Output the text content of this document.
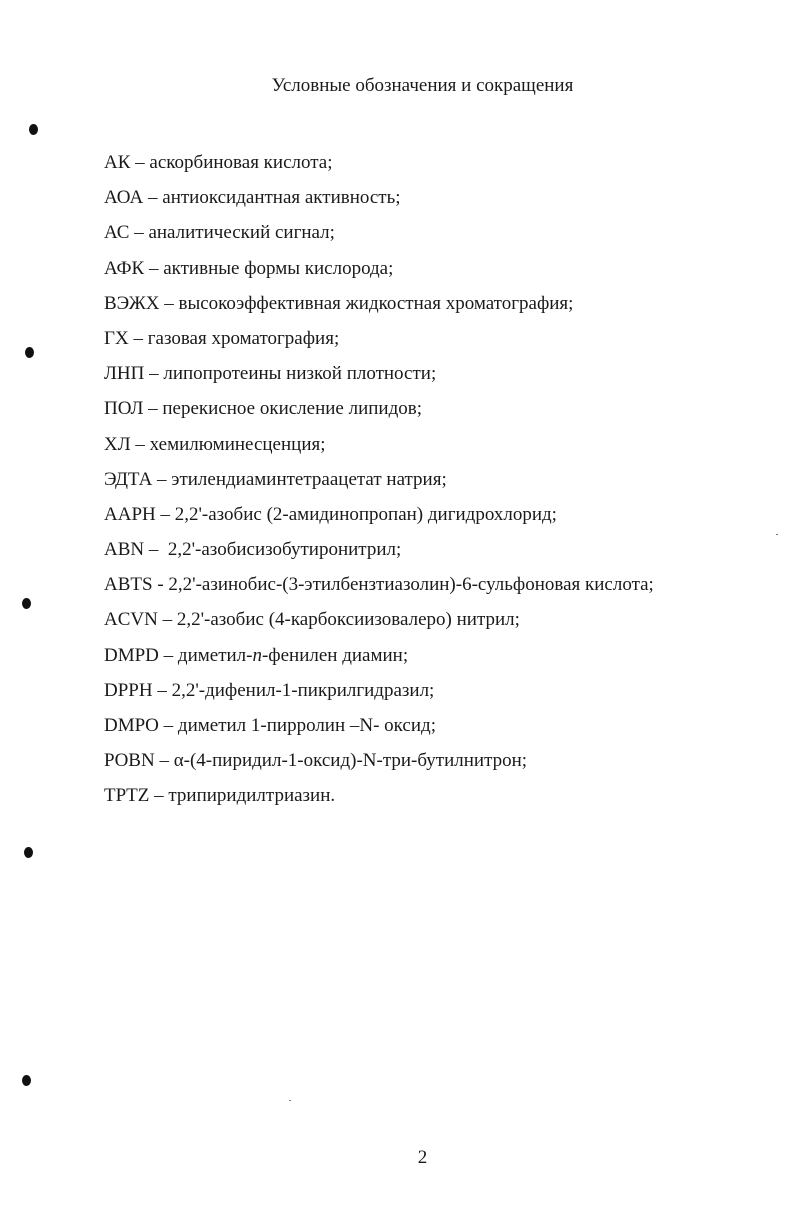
Условные обозначения и сокращения
АК – аскорбиновая кислота;
АОА – антиоксидантная активность;
АС – аналитический сигнал;
АФК – активные формы кислорода;
ВЭЖХ – высокоэффективная жидкостная хроматография;
ГХ – газовая хроматография;
ЛНП – липопротеины низкой плотности;
ПОЛ – перекисное окисление липидов;
ХЛ – хемилюминесценция;
ЭДТА – этилендиаминтетраацетат натрия;
AAPH – 2,2'-азобис (2-амидинопропан) дигидрохлорид;
ABN –  2,2'-азобисизобутиронитрил;
ABTS - 2,2'-азинобис-(3-этилбензтиазолин)-6-сульфоновая кислота;
ACVN – 2,2'-азобис (4-карбоксиизовалеро) нитрил;
DMPD – диметил-п-фенилен диамин;
DPPH – 2,2'-дифенил-1-пикрилгидразил;
DMPO – диметил 1-пирролин –N- оксид;
POBN – α-(4-пиридил-1-оксид)-N-три-бутилнитрон;
TPTZ – трипиридилтриазин.
2
